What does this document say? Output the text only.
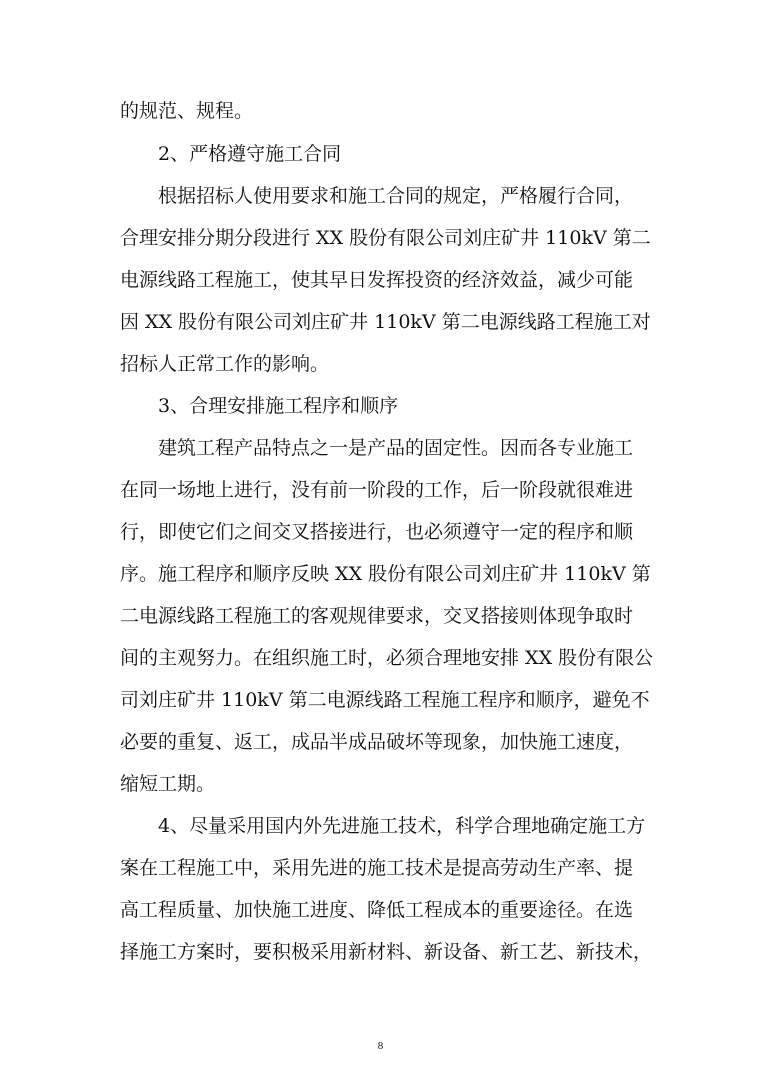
的规范、规程。
2、严格遵守施工合同
根据招标人使用要求和施工合同的规定，严格履行合同，
合理安排分期分段进行 XX 股份有限公司刘庄矿井 110kV 第二
电源线路工程施工，使其早日发挥投资的经济效益，减少可能
因 XX 股份有限公司刘庄矿井 110kV 第二电源线路工程施工对
招标人正常工作的影响。
3、合理安排施工程序和顺序
建筑工程产品特点之一是产品的固定性。因而各专业施工
在同一场地上进行，没有前一阶段的工作，后一阶段就很难进
行，即使它们之间交叉搭接进行，也必须遵守一定的程序和顺
序。施工程序和顺序反映 XX 股份有限公司刘庄矿井 110kV 第
二电源线路工程施工的客观规律要求，交叉搭接则体现争取时
间的主观努力。在组织施工时，必须合理地安排 XX 股份有限公
司刘庄矿井 110kV 第二电源线路工程施工程序和顺序，避免不
必要的重复、返工，成品半成品破坏等现象，加快施工速度，
缩短工期。
4、尽量采用国内外先进施工技术，科学合理地确定施工方
案在工程施工中，采用先进的施工技术是提高劳动生产率、提
高工程质量、加快施工进度、降低工程成本的重要途径。在选
择施工方案时，要积极采用新材料、新设备、新工艺、新技术，
8
